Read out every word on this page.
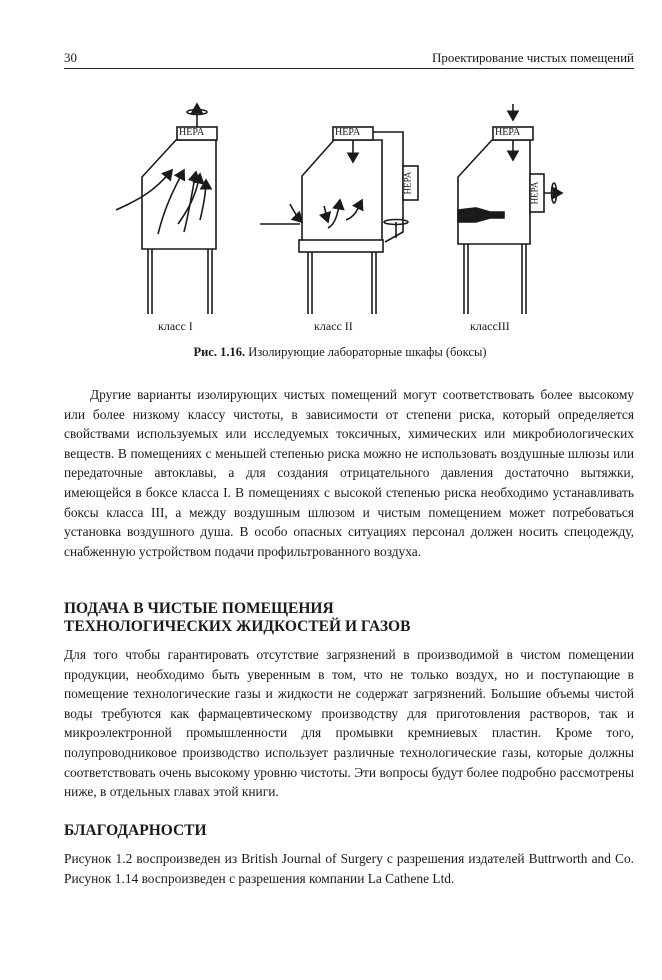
30	Проектирование чистых помещений
HEPA	HEPA	HEPA
HEPA	HEPA
класс I	класс II	классIII
Рис. 1.16. Изолирующие лабораторные шкафы (боксы)

Другие варианты изолирующих чистых помещений могут соответствовать более высокому или более низкому классу чистоты, в зависимости от степени риска, который определяется свойствами используемых или исследуемых токсичных, химических или микробиологических веществ. В помещениях с меньшей степенью риска можно не использовать воздушные шлюзы или передаточные автоклавы, а для создания отрицательного давления достаточно вытяжки, имеющейся в боксе класса I. В помещениях с высокой степенью риска необходимо устанавливать боксы класса III, а между воздушным шлюзом и чистым помещением может потребоваться установка воздушного душа. В особо опасных ситуациях персонал должен носить спецодежду, снабженную устройством подачи профильтрованного воздуха.

ПОДАЧА В ЧИСТЫЕ ПОМЕЩЕНИЯ
ТЕХНОЛОГИЧЕСКИХ ЖИДКОСТЕЙ И ГАЗОВ

Для того чтобы гарантировать отсутствие загрязнений в производимой в чистом помещении продукции, необходимо быть уверенным в том, что не только воздух, но и поступающие в помещение технологические газы и жидкости не содержат загрязнений. Большие объемы чистой воды требуются как фармацевтическому производству для приготовления растворов, так и микроэлектронной промышленности для промывки кремниевых пластин. Кроме того, полупроводниковое производство использует различные технологические газы, которые должны соответствовать очень высокому уровню чистоты. Эти вопросы будут более подробно рассмотрены ниже, в отдельных главах этой книги.

БЛАГОДАРНОСТИ

Рисунок 1.2 воспроизведен из British Journal of Surgery с разрешения издателей Buttrworth and Co. Рисунок 1.14 воспроизведен с разрешения компании La Cathene Ltd.
